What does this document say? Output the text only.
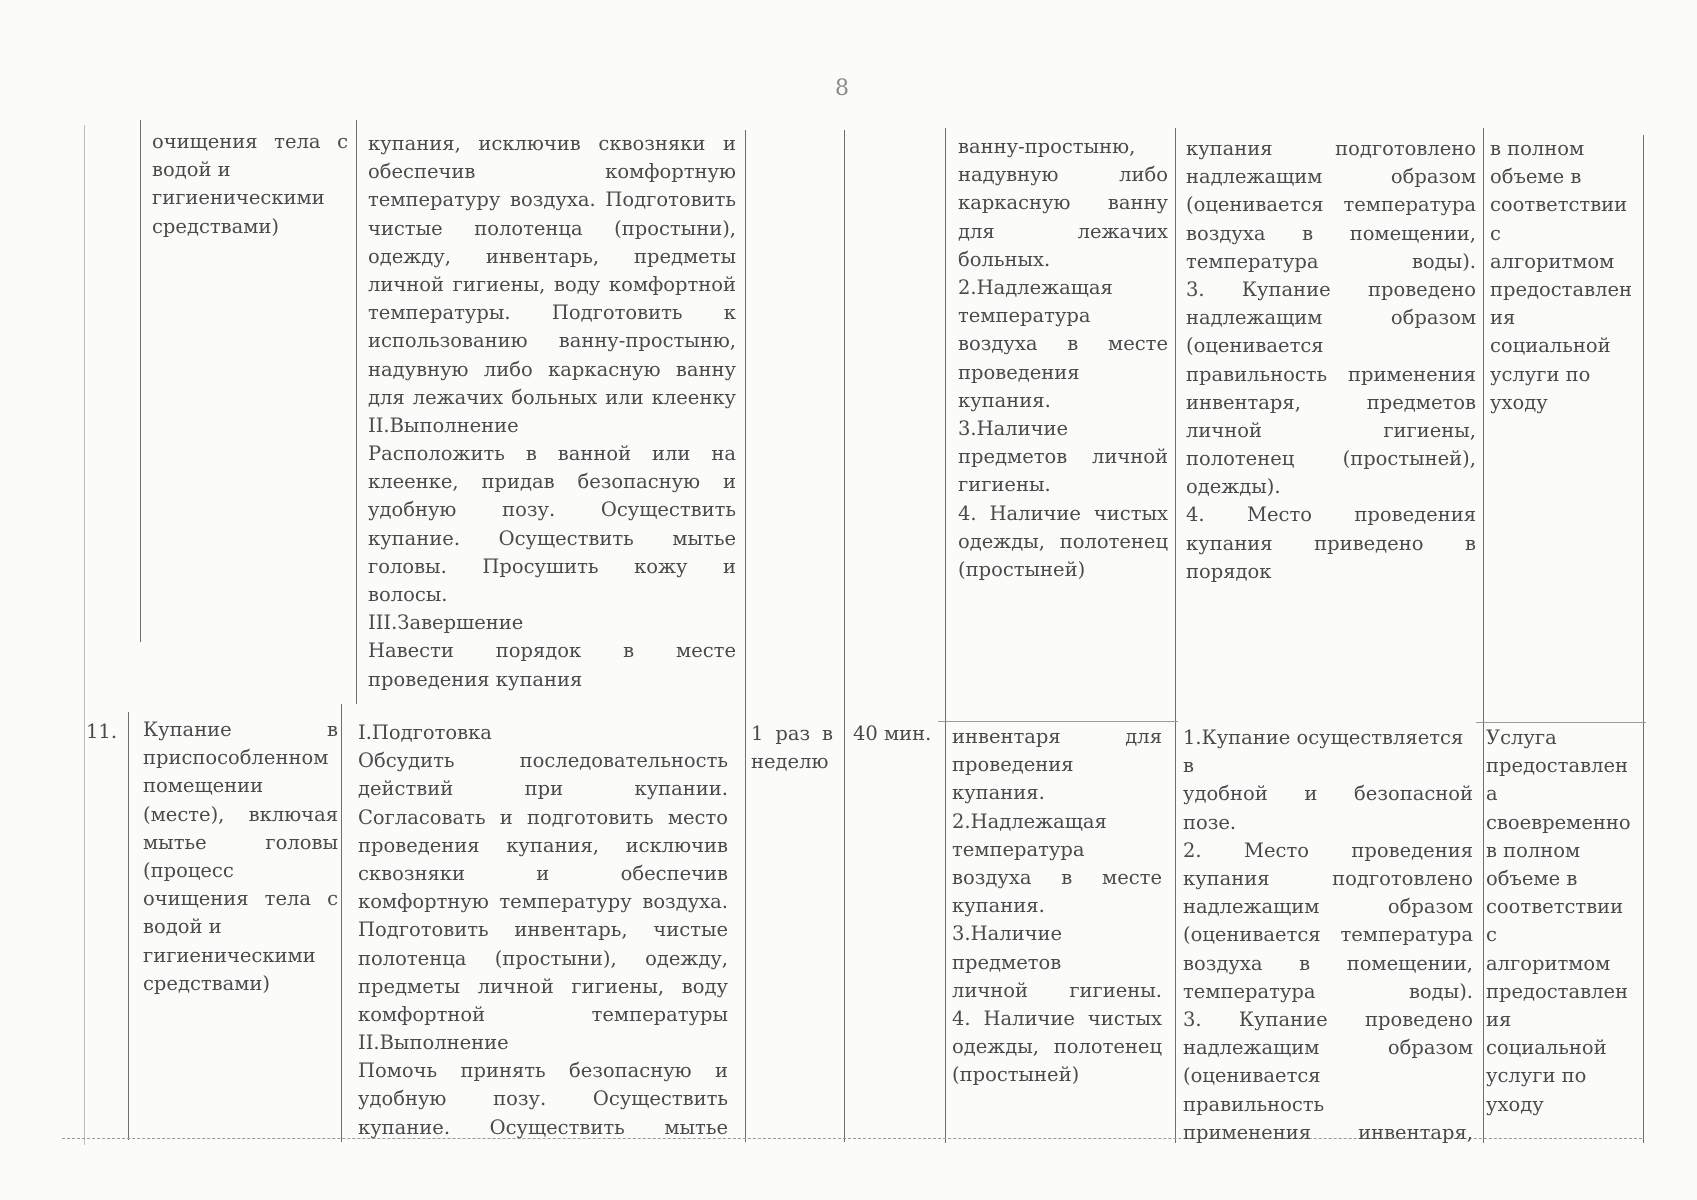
8
очищения тела с
водой и
гигиеническими
средствами)
купания, исключив сквозняки и
обеспечив комфортную
температуру воздуха. Подготовить
чистые полотенца (простыни),
одежду, инвентарь, предметы
личной гигиены, воду комфортной
температуры. Подготовить к
использованию ванну-простыню,
надувную либо каркасную ванну
для лежачих больных или клеенку
II.Выполнение
Расположить в ванной или на
клеенке, придав безопасную и
удобную позу. Осуществить
купание. Осуществить мытье
головы. Просушить кожу и
волосы.
III.Завершение
Навести порядок в месте
проведения купания
ванну-простыню,
надувную либо
каркасную ванну
для лежачих
больных.
2.Надлежащая
температура
воздуха в месте
проведения
купания.
3.Наличие
предметов личной
гигиены.
4. Наличие чистых
одежды, полотенец
(простыней)
купания подготовлено
надлежащим образом
(оценивается температура
воздуха в помещении,
температура воды).
3. Купание проведено
надлежащим образом
(оценивается
правильность применения
инвентаря, предметов
личной гигиены,
полотенец (простыней),
одежды).
4. Место проведения
купания приведено в
порядок
в полном
объеме в
соответствии
с
алгоритмом
предоставлен
ия
социальной
услуги по
уходу
11.	Купание в
приспособленном
помещении
(месте), включая
мытье головы
(процесс
очищения тела с
водой и
гигиеническими
средствами)
I.Подготовка
Обсудить последовательность
действий при купании.
Согласовать и подготовить место
проведения купания, исключив
сквозняки и обеспечив
комфортную температуру воздуха.
Подготовить инвентарь, чистые
полотенца (простыни), одежду,
предметы личной гигиены, воду
комфортной температуры
II.Выполнение
Помочь принять безопасную и
удобную позу. Осуществить
купание. Осуществить мытье
1 раз в
неделю
40 мин.	инвентаря для
проведения
купания.
2.Надлежащая
температура
воздуха в месте
купания.
3.Наличие
предметов
личной гигиены.
4. Наличие чистых
одежды, полотенец
(простыней)
1.Купание осуществляется
в
удобной и безопасной
позе.
2. Место проведения
купания подготовлено
надлежащим образом
(оценивается температура
воздуха в помещении,
температура воды).
3. Купание проведено
надлежащим образом
(оценивается
правильность
применения инвентаря,
Услуга
предоставлен
а
своевременно
в полном
объеме в
соответствии
с
алгоритмом
предоставлен
ия
социальной
услуги по
уходу
